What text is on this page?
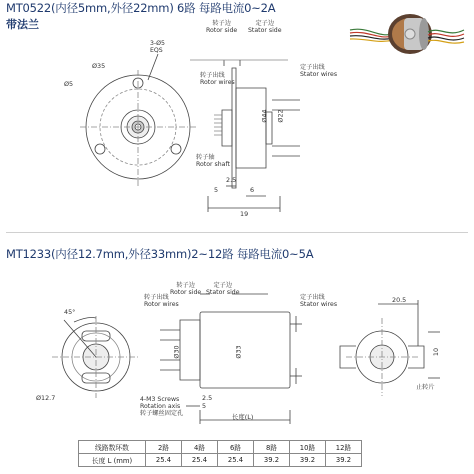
MT0522(内径5mm,外径22mm) 6路 每路电流0~2A
带法兰	转子边
Rotor side
定子边
Stator side
3-Ø5
EQS
转子出线
Rotor wires
定子出线
Stator wires
转子轴
Rotor shaft
Ø35
Ø5
Ø44 Ø22
2.5
6
5
19
MT1233(内径12.7mm,外径33mm)2~12路 每路电流0~5A
转子边
Rotor side
定子边
Stator side
转子出线
Rotor wires
定子出线
Stator wires
4-M3 Screws
Rotation axis
转子螺丝固定孔	长度(L)
止转片
45°
Ø30	Ø33
Ø12.7	2.5
5
20.5
10
线路数环数	2路	4路	6路	8路	10路	12路
长度 L (mm)	25.4	25.4	25.4	39.2	39.2	39.2
